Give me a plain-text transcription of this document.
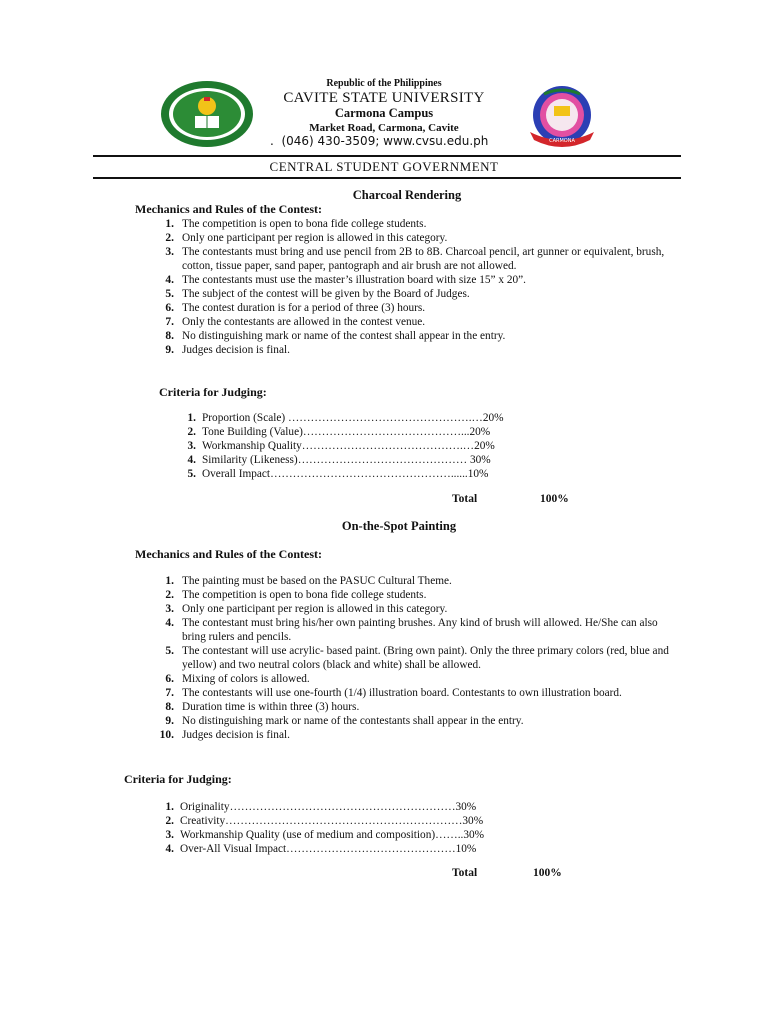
CARMONA
Republic of the Philippines
CAVITE STATE UNIVERSITY
Carmona Campus
Market Road, Carmona, Cavite
. (046) 430-3509; www.cvsu.edu.ph
CENTRAL STUDENT GOVERNMENT
Charcoal Rendering
Mechanics and Rules of the Contest:
1. The competition is open to bona fide college students.
2. Only one participant per region is allowed in this category.
3. The contestants must bring and use pencil from 2B to 8B. Charcoal pencil, art gunner or equivalent, brush, cotton, tissue paper, sand paper, pantograph and air brush are not allowed.
4. The contestants must use the master’s illustration board with size 15” x 20”.
5. The subject of the contest will be given by the Board of Judges.
6. The contest duration is for a period of three (3) hours.
7. Only the contestants are allowed in the contest venue.
8. No distinguishing mark or name of the contest shall appear in the entry.
9. Judges decision is final.
Criteria for Judging:
1. Proportion (Scale) ………………………………………….…20%
2. Tone Building (Value)……………………………………...20%
3. Workmanship Quality…………………………………….…20%
4. Similarity (Likeness)……………………………………… 30%
5. Overall Impact…………………………………………......10%
Total	100%
On-the-Spot Painting
Mechanics and Rules of the Contest:
1. The painting must be based on the PASUC Cultural Theme.
2. The competition is open to bona fide college students.
3. Only one participant per region is allowed in this category.
4. The contestant must bring his/her own painting brushes. Any kind of brush will allowed. He/She can also bring rulers and pencils.
5. The contestant will use acrylic- based paint. (Bring own paint). Only the three primary colors (red, blue and yellow) and two neutral colors (black and white) shall be allowed.
6. Mixing of colors is allowed.
7. The contestants will use one-fourth (1/4) illustration board. Contestants to own illustration board.
8. Duration time is within three (3) hours.
9. No distinguishing mark or name of the contestants shall appear in the entry.
10. Judges decision is final.
Criteria for Judging:
1. Originality……………………………………………………30%
2. Creativity………………………………………………………30%
3. Workmanship Quality (use of medium and composition)……..30%
4. Over-All Visual Impact………………………………………10%
Total	100%
